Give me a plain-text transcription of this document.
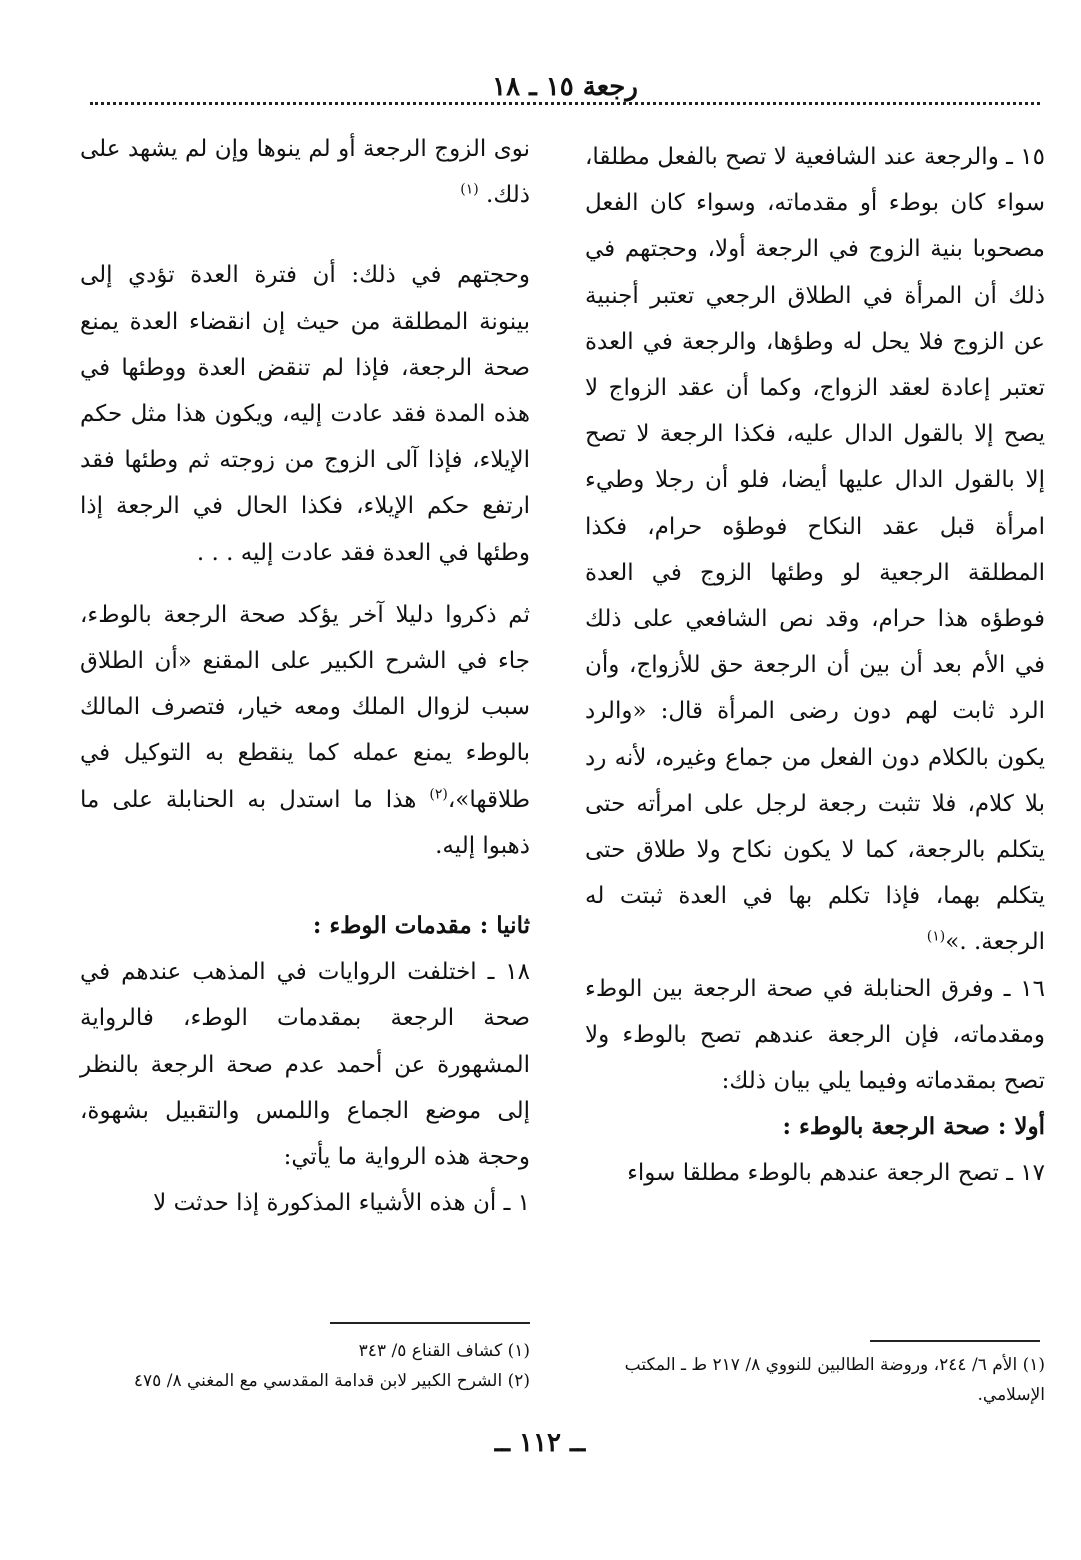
رجعة ١٥ ـ ١٨

١٥ ـ والرجعة عند الشافعية لا تصح بالفعل مطلقا، سواء كان بوطء أو مقدماته، وسواء كان الفعل مصحوبا بنية الزوج في الرجعة أولا، وحجتهم في ذلك أن المرأة في الطلاق الرجعي تعتبر أجنبية عن الزوج فلا يحل له وطؤها، والرجعة في العدة تعتبر إعادة لعقد الزواج، وكما أن عقد الزواج لا يصح إلا بالقول الدال عليه، فكذا الرجعة لا تصح إلا بالقول الدال عليها أيضا، فلو أن رجلا وطيء امرأة قبل عقد النكاح فوطؤه حرام، فكذا المطلقة الرجعية لو وطئها الزوج في العدة فوطؤه هذا حرام، وقد نص الشافعي على ذلك في الأم بعد أن بين أن الرجعة حق للأزواج، وأن الرد ثابت لهم دون رضى المرأة قال: «والرد يكون بالكلام دون الفعل من جماع وغيره، لأنه رد بلا كلام، فلا تثبت رجعة لرجل على امرأته حتى يتكلم بالرجعة، كما لا يكون نكاح ولا طلاق حتى يتكلم بهما، فإذا تكلم بها في العدة ثبتت له الرجعة. .»$^{(١)}$

١٦ ـ وفرق الحنابلة في صحة الرجعة بين الوطء ومقدماته، فإن الرجعة عندهم تصح بالوطء ولا تصح بمقدماته وفيما يلي بيان ذلك:

أولا : صحة الرجعة بالوطء :

١٧ ـ تصح الرجعة عندهم بالوطء مطلقا سواء

نوى الزوج الرجعة أو لم ينوها وإن لم يشهد على ذلك. $^{(١)}$

وحجتهم في ذلك: أن فترة العدة تؤدي إلى بينونة المطلقة من حيث إن انقضاء العدة يمنع صحة الرجعة، فإذا لم تنقض العدة ووطئها في هذه المدة فقد عادت إليه، ويكون هذا مثل حكم الإيلاء، فإذا آلى الزوج من زوجته ثم وطئها فقد ارتفع حكم الإيلاء، فكذا الحال في الرجعة إذا وطئها في العدة فقد عادت إليه . . .

ثم ذكروا دليلا آخر يؤكد صحة الرجعة بالوطء، جاء في الشرح الكبير على المقنع «أن الطلاق سبب لزوال الملك ومعه خيار، فتصرف المالك بالوطء يمنع عمله كما ينقطع به التوكيل في طلاقها»،$^{(٢)}$ هذا ما استدل به الحنابلة على ما ذهبوا إليه.

ثانيا : مقدمات الوطء :

١٨ ـ اختلفت الروايات في المذهب عندهم في صحة الرجعة بمقدمات الوطء، فالرواية المشهورة عن أحمد عدم صحة الرجعة بالنظر إلى موضع الجماع واللمس والتقبيل بشهوة، وحجة هذه الرواية ما يأتي:

١ ـ أن هذه الأشياء المذكورة إذا حدثت لا

(١) الأم ٦/ ٢٤٤، وروضة الطالبين للنووي ٨/ ٢١٧ ط ـ المكتب الإسلامي.
(١) كشاف القناع ٥/ ٣٤٣
(٢) الشرح الكبير لابن قدامة المقدسي مع المغني ٨/ ٤٧٥
ــ ١١٢ ــ
